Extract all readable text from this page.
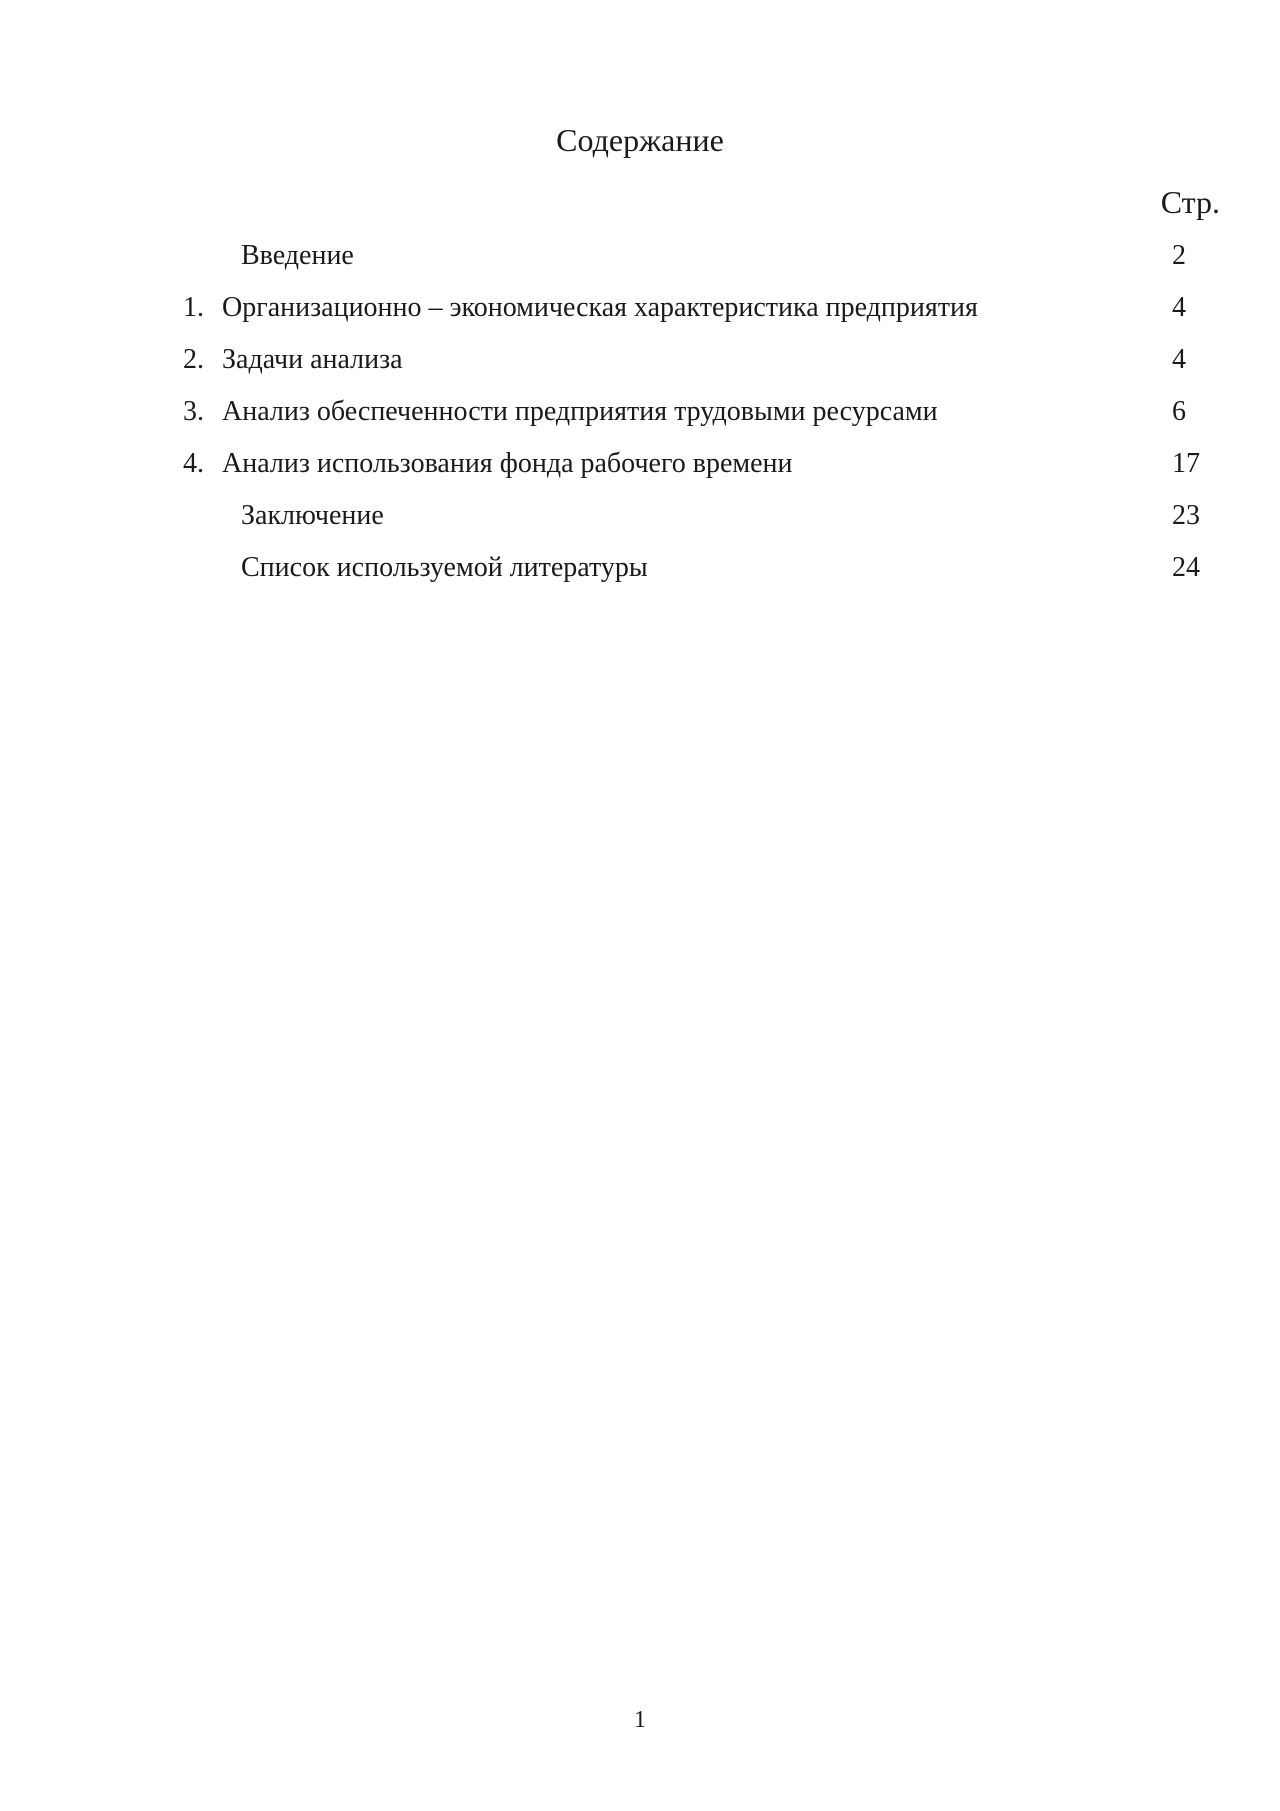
Содержание
Стр.
Введение	2
1. Организационно – экономическая характеристика предприятия	4
2. Задачи анализа	4
3. Анализ обеспеченности предприятия трудовыми ресурсами	6
4. Анализ использования фонда рабочего времени	17
Заключение	23
Список используемой литературы	24
1
